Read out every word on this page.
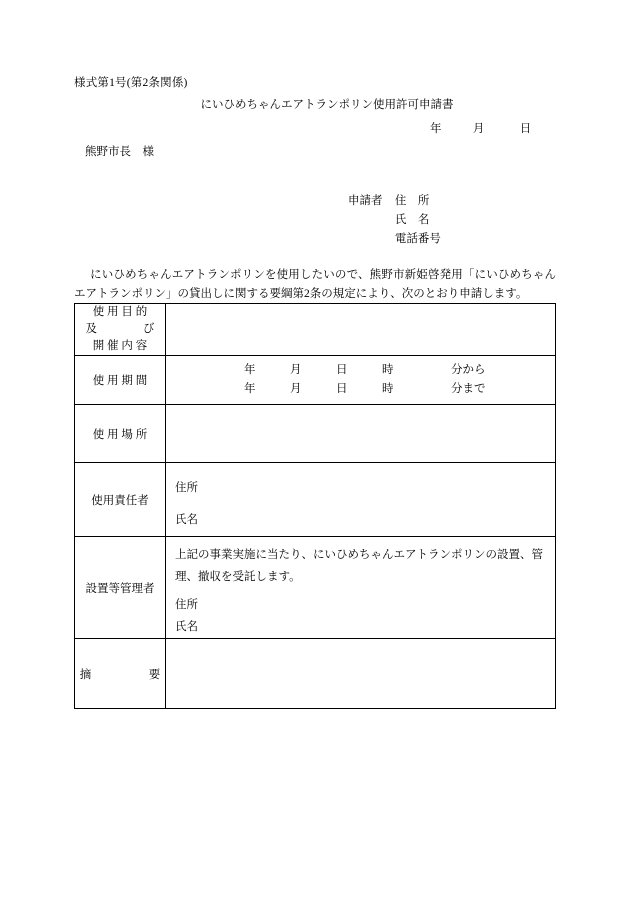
様式第1号(第2条関係)
にいひめちゃんエアトランポリン使用許可申請書
年	月	日
熊野市長　様
申請者 住　所
氏　名
電話番号
にいひめちゃんエアトランポリンを使用したいので、熊野市新姫啓発用「にいひめちゃんエアトランポリン」の貸出しに関する要綱第2条の規定により、次のとおり申請します。
使 用 目 的
及　　　　び
開 催 内 容	

使 用 期 間	年　　　月　　　日　　　時　　　　　分から
年　　　月　　　日　　　時　　　　　分まで

使 用 場 所	
使用責任者	住所
氏名

設置等管理者	上記の事業実施に当たり、にいひめちゃんエアトランポリンの設置、管
理、撤収を受託します。
住所
氏名

摘　　　　　要	
